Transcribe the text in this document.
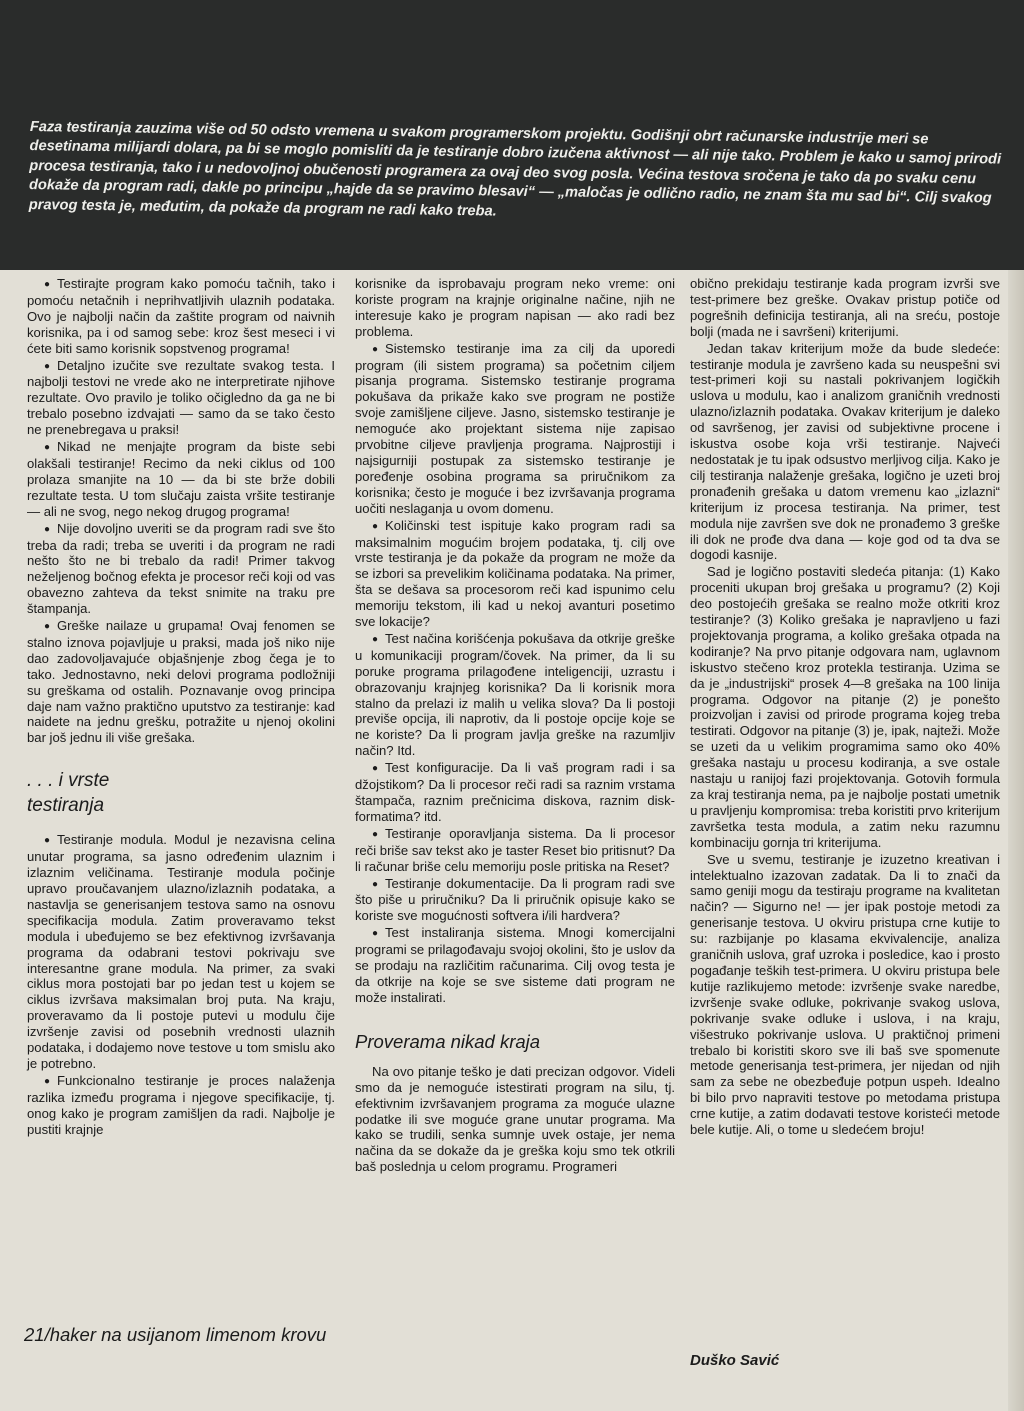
Faza testiranja zauzima više od 50 odsto vremena u svakom programerskom projektu. Godišnji obrt računarske industrije meri se desetinama milijardi dolara, pa bi se moglo pomisliti da je testiranje dobro izučena aktivnost — ali nije tako. Problem je kako u samoj prirodi procesa testiranja, tako i u nedovoljnoj obučenosti programera za ovaj deo svog posla. Većina testova sročena je tako da po svaku cenu dokaže da program radi, dakle po principu „hajde da se pravimo blesavi“ — „maločas je odlično radio, ne znam šta mu sad bi“. Cilj svakog pravog testa je, međutim, da pokaže da program ne radi kako treba.

● Testirajte program kako pomoću tačnih, tako i pomoću netačnih i neprihvatljivih ulaznih podataka. Ovo je najbolji način da zaštite program od naivnih korisnika, pa i od samog sebe: kroz šest meseci i vi ćete biti samo korisnik sopstvenog programa!

● Detaljno izučite sve rezultate svakog testa. I najbolji testovi ne vrede ako ne interpretirate njihove rezultate. Ovo pravilo je toliko očigledno da ga ne bi trebalo posebno izdvajati — samo da se tako često ne prenebregava u praksi!

● Nikad ne menjajte program da biste sebi olakšali testiranje! Recimo da neki ciklus od 100 prolaza smanjite na 10 — da bi ste brže dobili rezultate testa. U tom slučaju zaista vršite testiranje — ali ne svog, nego nekog drugog programa!

● Nije dovoljno uveriti se da program radi sve što treba da radi; treba se uveriti i da program ne radi nešto što ne bi trebalo da radi! Primer takvog neželjenog bočnog efekta je procesor reči koji od vas obavezno zahteva da tekst snimite na traku pre štampanja.

● Greške nailaze u grupama! Ovaj fenomen se stalno iznova pojavljuje u praksi, mada još niko nije dao zadovoljavajuće objašnjenje zbog čega je to tako. Jednostavno, neki delovi programa podložniji su greškama od ostalih. Poznavanje ovog principa daje nam važno praktično uputstvo za testiranje: kad naidete na jednu grešku, potražite u njenoj okolini bar još jednu ili više grešaka.

. . . i vrste
testiranja

● Testiranje modula. Modul je nezavisna celina unutar programa, sa jasno određenim ulaznim i izlaznim veličinama. Testiranje modula počinje upravo proučavanjem ulazno/izlaznih podataka, a nastavlja se generisanjem testova samo na osnovu specifikacija modula. Zatim proveravamo tekst modula i ubeđujemo se bez efektivnog izvršavanja programa da odabrani testovi pokrivaju sve interesantne grane modula. Na primer, za svaki ciklus mora postojati bar po jedan test u kojem se ciklus izvršava maksimalan broj puta. Na kraju, proveravamo da li postoje putevi u modulu čije izvršenje zavisi od posebnih vrednosti ulaznih podataka, i dodajemo nove testove u tom smislu ako je potrebno.

● Funkcionalno testiranje je proces nalaženja razlika između programa i njegove specifikacije, tj. onog kako je program zamišljen da radi. Najbolje je pustiti krajnje

korisnike da isprobavaju program neko vreme: oni koriste program na krajnje originalne načine, njih ne interesuje kako je program napisan — ako radi bez problema.

● Sistemsko testiranje ima za cilj da uporedi program (ili sistem programa) sa početnim ciljem pisanja programa. Sistemsko testiranje programa pokušava da prikaže kako sve program ne postiže svoje zamišljene ciljeve. Jasno, sistemsko testiranje je nemoguće ako projektant sistema nije zapisao prvobitne ciljeve pravljenja programa. Najprostiji i najsigurniji postupak za sistemsko testiranje je poređenje osobina programa sa priručnikom za korisnika; često je moguće i bez izvršavanja programa uočiti neslaganja u ovom domenu.

● Količinski test ispituje kako program radi sa maksimalnim mogućim brojem podataka, tj. cilj ove vrste testiranja je da pokaže da program ne može da se izbori sa prevelikim količinama podataka. Na primer, šta se dešava sa procesorom reči kad ispunimo celu memoriju tekstom, ili kad u nekoj avanturi posetimo sve lokacije?

● Test načina korišćenja pokušava da otkrije greške u komunikaciji program/čovek. Na primer, da li su poruke programa prilagođene inteligenciji, uzrastu i obrazovanju krajnjeg korisnika? Da li korisnik mora stalno da prelazi iz malih u velika slova? Da li postoji previše opcija, ili naprotiv, da li postoje opcije koje se ne koriste? Da li program javlja greške na razumljiv način? Itd.

● Test konfiguracije. Da li vaš program radi i sa džojstikom? Da li procesor reči radi sa raznim vrstama štampača, raznim prečnicima diskova, raznim disk-formatima? itd.

● Testiranje oporavljanja sistema. Da li procesor reči briše sav tekst ako je taster Reset bio pritisnut? Da li računar briše celu memoriju posle pritiska na Reset?

● Testiranje dokumentacije. Da li program radi sve što piše u priručniku? Da li priručnik opisuje kako se koriste sve mogućnosti softvera i/ili hardvera?

● Test instaliranja sistema. Mnogi komercijalni programi se prilagođavaju svojoj okolini, što je uslov da se prodaju na različitim računarima. Cilj ovog testa je da otkrije na koje se sve sisteme dati program ne može instalirati.

Proverama nikad kraja

Na ovo pitanje teško je dati precizan odgovor. Videli smo da je nemoguće istestirati program na silu, tj. efektivnim izvršavanjem programa za moguće ulazne podatke ili sve moguće grane unutar programa. Ma kako se trudili, senka sumnje uvek ostaje, jer nema načina da se dokaže da je greška koju smo tek otkrili baš poslednja u celom programu. Programeri

obično prekidaju testiranje kada program izvrši sve test-primere bez greške. Ovakav pristup potiče od pogrešnih definicija testiranja, ali na sreću, postoje bolji (mada ne i savršeni) kriterijumi.

Jedan takav kriterijum može da bude sledeće: testiranje modula je završeno kada su neuspešni svi test-primeri koji su nastali pokrivanjem logičkih uslova u modulu, kao i analizom graničnih vrednosti ulazno/izlaznih podataka. Ovakav kriterijum je daleko od savršenog, jer zavisi od subjektivne procene i iskustva osobe koja vrši testiranje. Najveći nedostatak je tu ipak odsustvo merljivog cilja. Kako je cilj testiranja nalaženje grešaka, logično je uzeti broj pronađenih grešaka u datom vremenu kao „izlazni“ kriterijum iz procesa testiranja. Na primer, test modula nije završen sve dok ne pronađemo 3 greške ili dok ne prođe dva dana — koje god od ta dva se dogodi kasnije.

Sad je logično postaviti sledeća pitanja: (1) Kako proceniti ukupan broj grešaka u programu? (2) Koji deo postojećih grešaka se realno može otkriti kroz testiranje? (3) Koliko grešaka je napravljeno u fazi projektovanja programa, a koliko grešaka otpada na kodiranje? Na prvo pitanje odgovara nam, uglavnom iskustvo stečeno kroz protekla testiranja. Uzima se da je „industrijski“ prosek 4—8 grešaka na 100 linija programa. Odgovor na pitanje (2) je ponešto proizvoljan i zavisi od prirode programa kojeg treba testirati. Odgovor na pitanje (3) je, ipak, najteži. Može se uzeti da u velikim programima samo oko 40% grešaka nastaju u procesu kodiranja, a sve ostale nastaju u ranijoj fazi projektovanja. Gotovih formula za kraj testiranja nema, pa je najbolje postati umetnik u pravljenju kompromisa: treba koristiti prvo kriterijum završetka testa modula, a zatim neku razumnu kombinaciju gornja tri kriterijuma.

Sve u svemu, testiranje je izuzetno kreativan i intelektualno izazovan zadatak. Da li to znači da samo geniji mogu da testiraju programe na kvalitetan način? — Sigurno ne! — jer ipak postoje metodi za generisanje testova. U okviru pristupa crne kutije to su: razbijanje po klasama ekvivalencije, analiza graničnih uslova, graf uzroka i posledice, kao i prosto pogađanje teških test-primera. U okviru pristupa bele kutije razlikujemo metode: izvršenje svake naredbe, izvršenje svake odluke, pokrivanje svakog uslova, pokrivanje svake odluke i uslova, i na kraju, višestruko pokrivanje uslova. U praktičnoj primeni trebalo bi koristiti skoro sve ili baš sve spomenute metode generisanja test-primera, jer nijedan od njih sam za sebe ne obezbeđuje potpun uspeh. Idealno bi bilo prvo napraviti testove po metodama pristupa crne kutije, a zatim dodavati testove koristeći metode bele kutije. Ali, o tome u sledećem broju!

Duško Savić
21/haker na usijanom limenom krovu
